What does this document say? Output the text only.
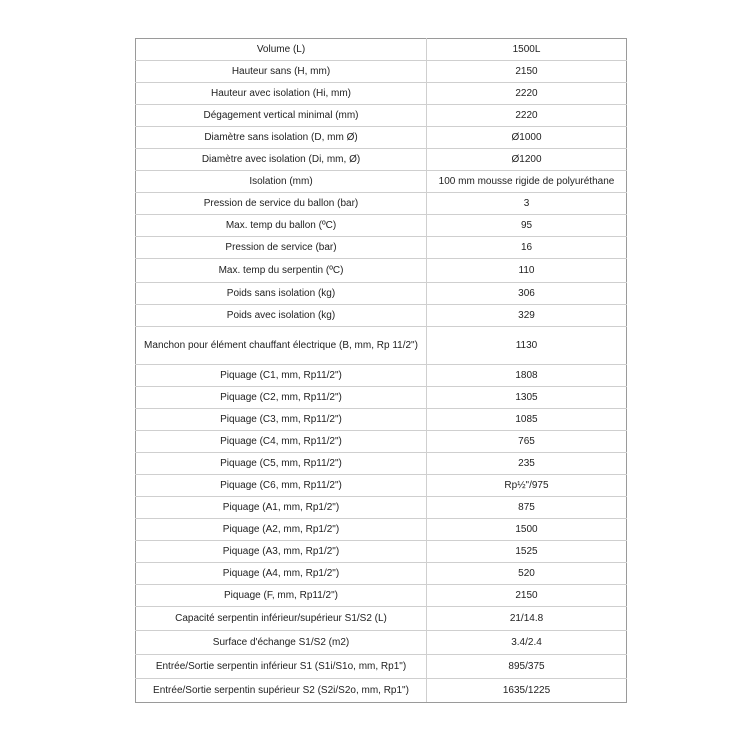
Volume (L)	1500L
Hauteur sans (H, mm)	2150
Hauteur avec isolation (Hi, mm)	2220
Dégagement vertical minimal (mm)	2220
Diamètre sans isolation (D, mm Ø)	Ø1000
Diamètre avec isolation (Di, mm, Ø)	Ø1200
Isolation (mm)	100 mm mousse rigide de polyuréthane
Pression de service du ballon (bar)	3
Max. temp du ballon (ºC)	95
Pression de service (bar)	16
Max. temp du serpentin (ºC)	110
Poids sans isolation (kg)	306
Poids avec isolation (kg)	329
Manchon pour élément chauffant électrique (B, mm, Rp 11/2")	1130
Piquage (C1, mm, Rp11/2")	1808
Piquage (C2, mm, Rp11/2")	1305
Piquage (C3, mm, Rp11/2")	1085
Piquage (C4, mm, Rp11/2")	765
Piquage (C5, mm, Rp11/2")	235
Piquage (C6, mm, Rp11/2")	Rp½"/975
Piquage (A1, mm, Rp1/2")	875
Piquage (A2, mm, Rp1/2")	1500
Piquage (A3, mm, Rp1/2")	1525
Piquage (A4, mm, Rp1/2")	520
Piquage (F, mm, Rp11/2")	2150
Capacité serpentin inférieur/supérieur S1/S2 (L)	21/14.8
Surface d'échange S1/S2 (m2)	3.4/2.4
Entrée/Sortie serpentin inférieur S1 (S1i/S1o, mm, Rp1")	895/375
Entrée/Sortie serpentin supérieur S2 (S2i/S2o, mm, Rp1")	1635/1225
